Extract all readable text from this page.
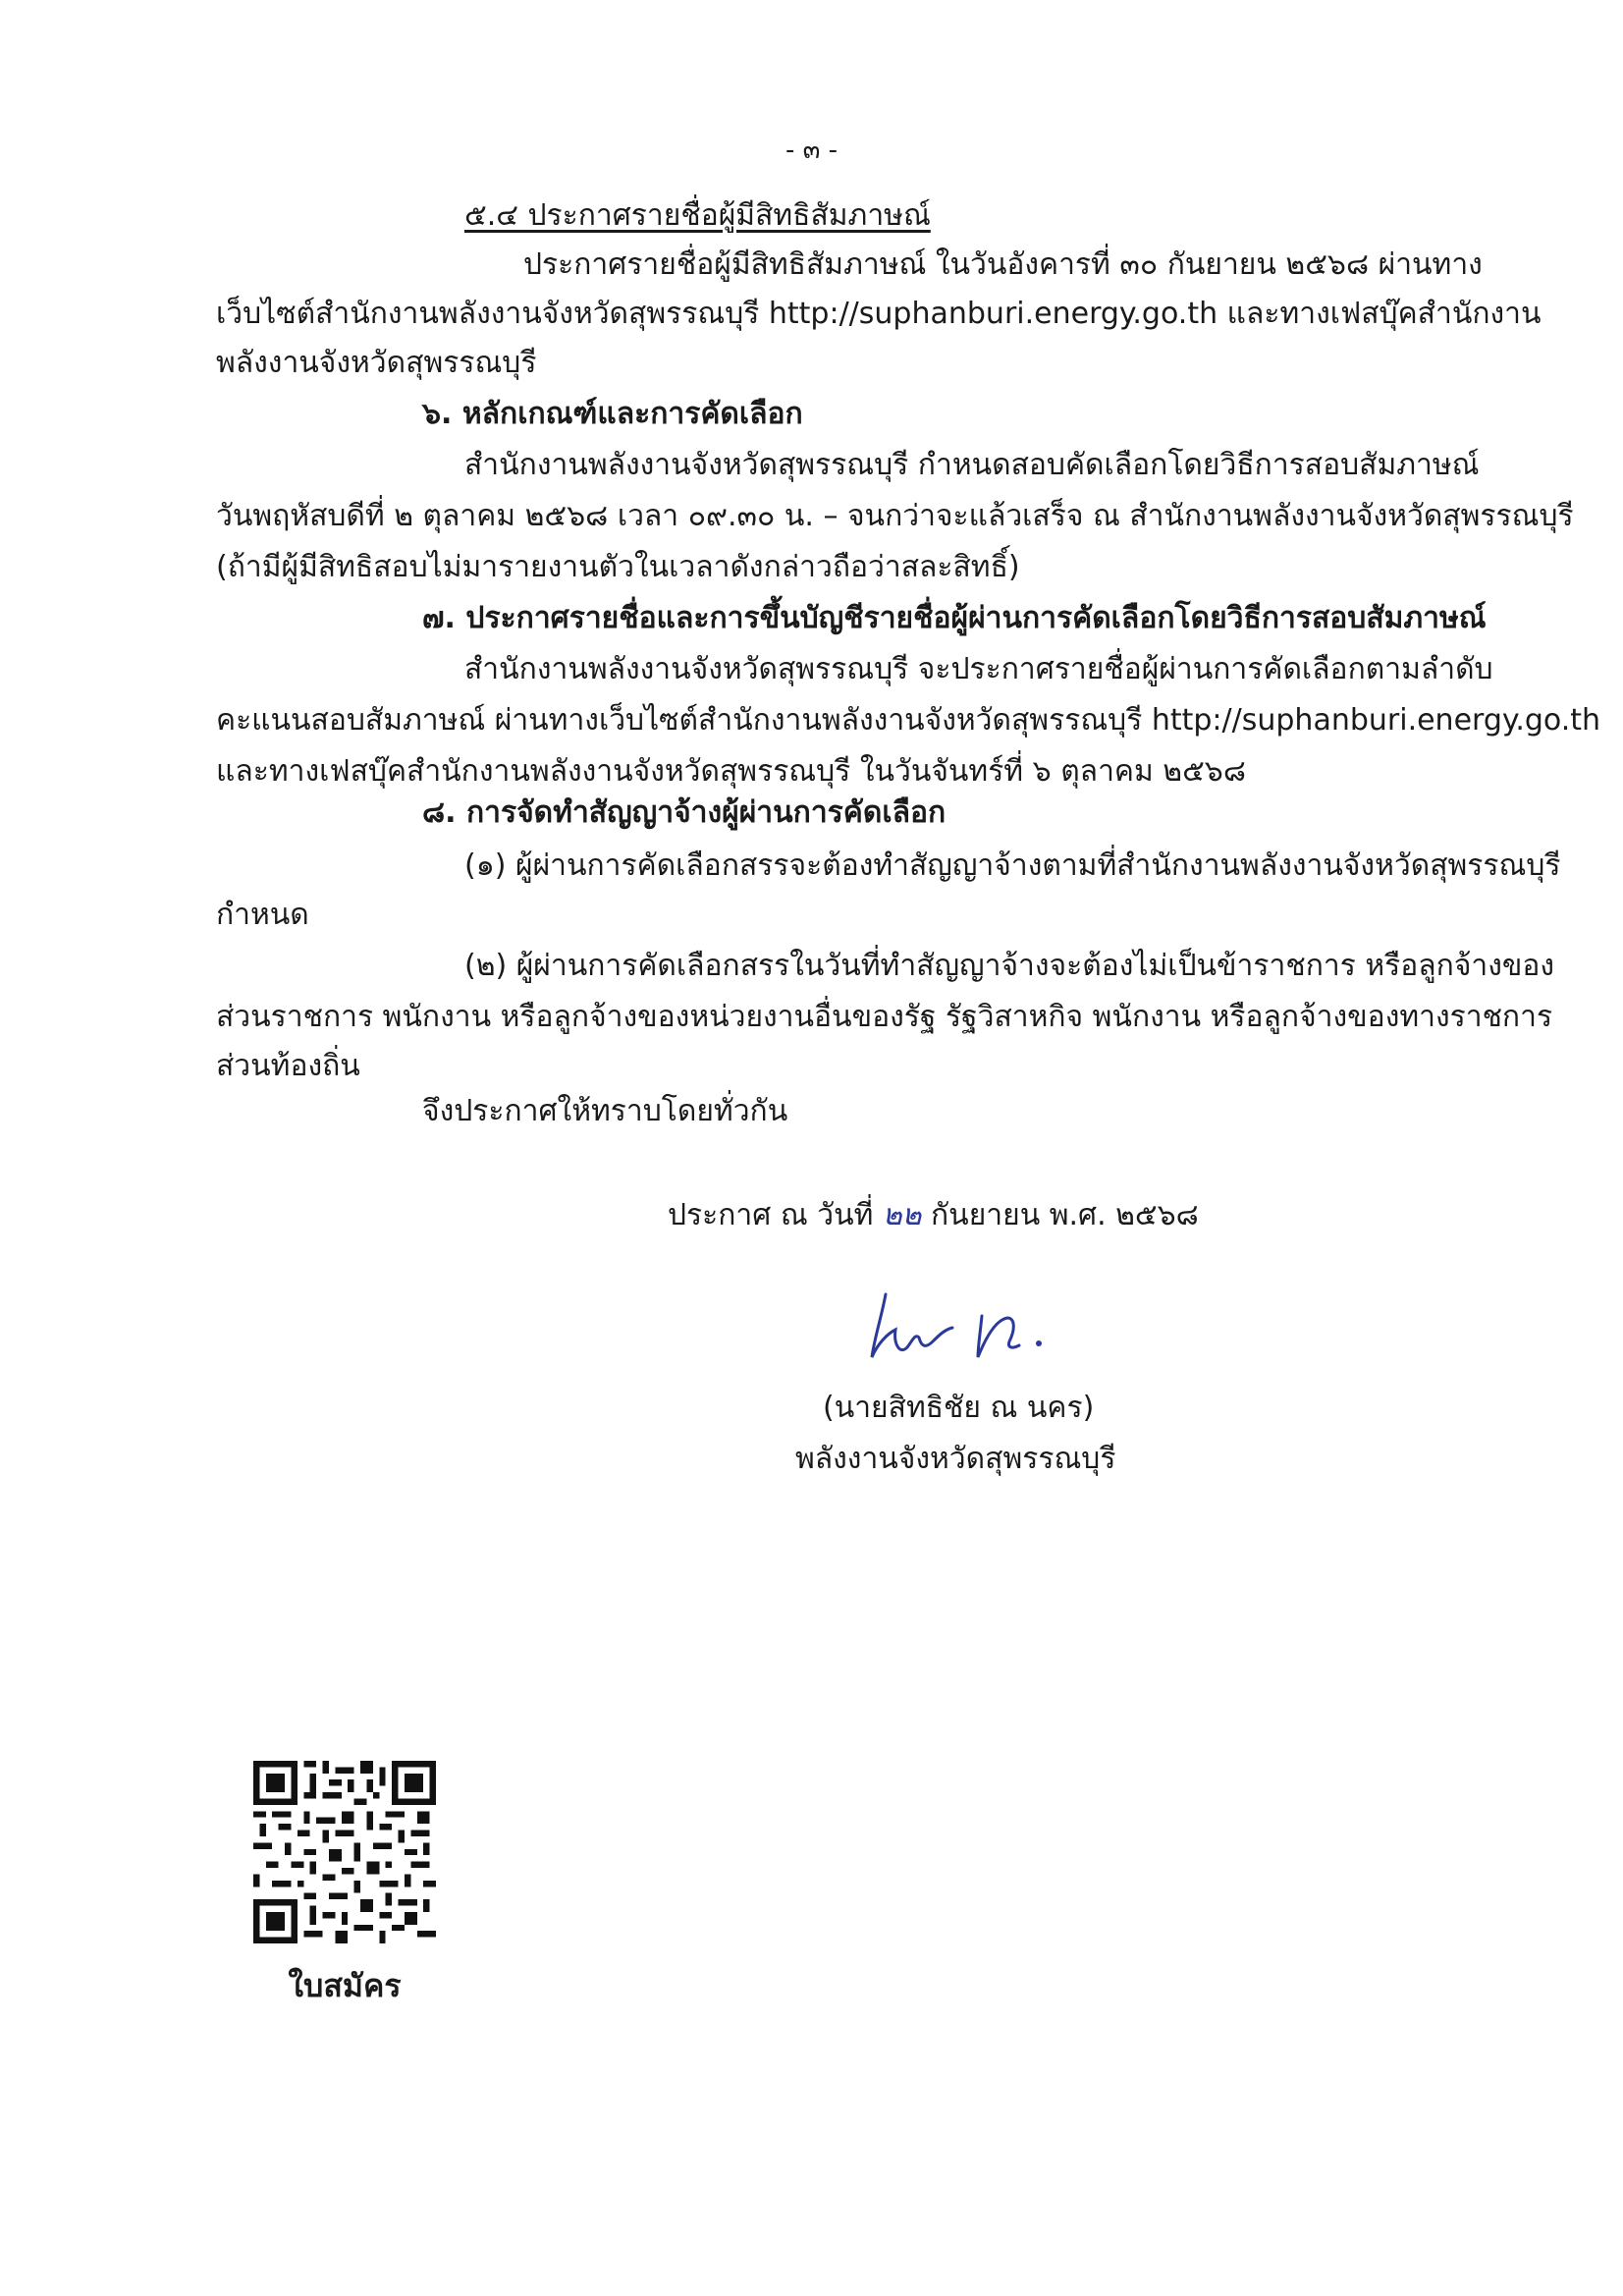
- ๓ -
๕.๔ ประกาศรายชื่อผู้มีสิทธิสัมภาษณ์
ประกาศรายชื่อผู้มีสิทธิสัมภาษณ์ ในวันอังคารที่ ๓๐ กันยายน ๒๕๖๘ ผ่านทาง
เว็บไซต์สำนักงานพลังงานจังหวัดสุพรรณบุรี http://suphanburi.energy.go.th และทางเฟสบุ๊คสำนักงาน
พลังงานจังหวัดสุพรรณบุรี
๖. หลักเกณฑ์และการคัดเลือก
สำนักงานพลังงานจังหวัดสุพรรณบุรี กำหนดสอบคัดเลือกโดยวิธีการสอบสัมภาษณ์
วันพฤหัสบดีที่ ๒ ตุลาคม ๒๕๖๘ เวลา ๐๙.๓๐ น. – จนกว่าจะแล้วเสร็จ ณ สำนักงานพลังงานจังหวัดสุพรรณบุรี
(ถ้ามีผู้มีสิทธิสอบไม่มารายงานตัวในเวลาดังกล่าวถือว่าสละสิทธิ์)
๗. ประกาศรายชื่อและการขึ้นบัญชีรายชื่อผู้ผ่านการคัดเลือกโดยวิธีการสอบสัมภาษณ์
สำนักงานพลังงานจังหวัดสุพรรณบุรี จะประกาศรายชื่อผู้ผ่านการคัดเลือกตามลำดับ
คะแนนสอบสัมภาษณ์ ผ่านทางเว็บไซต์สำนักงานพลังงานจังหวัดสุพรรณบุรี http://suphanburi.energy.go.th
และทางเฟสบุ๊คสำนักงานพลังงานจังหวัดสุพรรณบุรี ในวันจันทร์ที่ ๖ ตุลาคม ๒๕๖๘
๘. การจัดทำสัญญาจ้างผู้ผ่านการคัดเลือก
(๑) ผู้ผ่านการคัดเลือกสรรจะต้องทำสัญญาจ้างตามที่สำนักงานพลังงานจังหวัดสุพรรณบุรี
กำหนด
(๒) ผู้ผ่านการคัดเลือกสรรในวันที่ทำสัญญาจ้างจะต้องไม่เป็นข้าราชการ หรือลูกจ้างของ
ส่วนราชการ พนักงาน หรือลูกจ้างของหน่วยงานอื่นของรัฐ รัฐวิสาหกิจ พนักงาน หรือลูกจ้างของทางราชการ
ส่วนท้องถิ่น
จึงประกาศให้ทราบโดยทั่วกัน
ประกาศ ณ วันที่ ๒๒ กันยายน พ.ศ. ๒๕๖๘
(นายสิทธิชัย ณ นคร)
พลังงานจังหวัดสุพรรณบุรี
ใบสมัคร
